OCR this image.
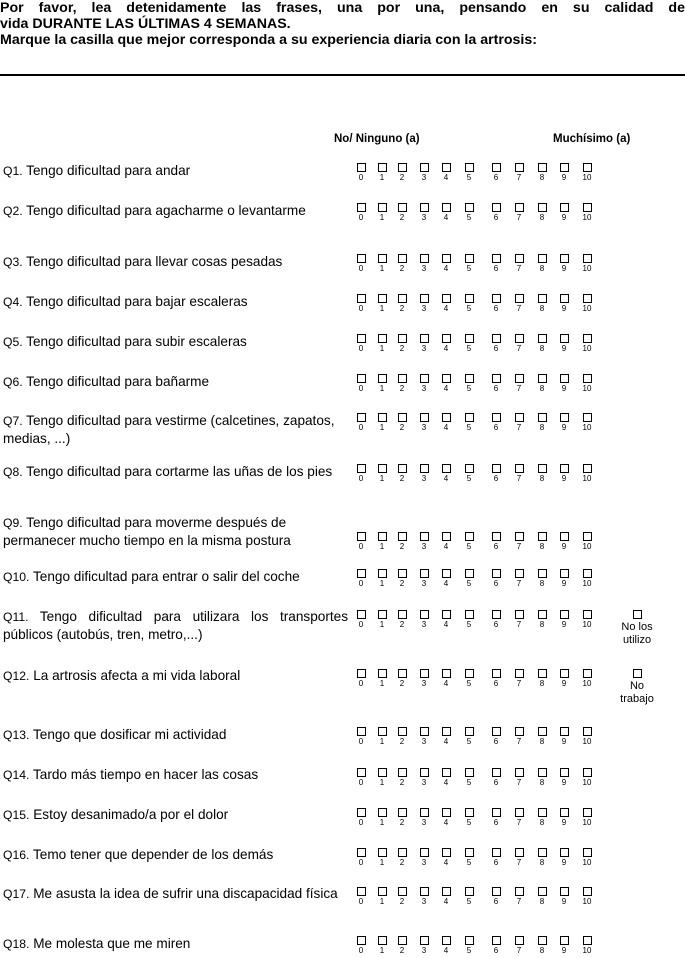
Por favor, lea detenidamente las frases, una por una, pensando en su calidad de
vida DURANTE LAS ÚLTIMAS 4 SEMANAS.
Marque la casilla que mejor corresponda a su experiencia diaria con la artrosis:
No/ Ninguno (a)	Muchísimo (a)
Q1. Tengo dificultad para andar	0	1	2	3	4	5	6	7	8	9	10
Q2. Tengo dificultad para agacharme o levantarme	0	1	2	3	4	5	6	7	8	9	10
Q3. Tengo dificultad para llevar cosas pesadas	0	1	2	3	4	5	6	7	8	9	10
Q4. Tengo dificultad para bajar escaleras	0	1	2	3	4	5	6	7	8	9	10
Q5. Tengo dificultad para subir escaleras	0	1	2	3	4	5	6	7	8	9	10
Q6. Tengo dificultad para bañarme	0	1	2	3	4	5	6	7	8	9	10
Q7. Tengo dificultad para vestirme (calcetines, zapatos, medias, ...)
0	1	2	3	4	5	6	7	8	9	10
Q8. Tengo dificultad para cortarme las uñas de los pies	0	1	2	3	4	5	6	7	8	9	10
Q9. Tengo dificultad para moverme después de permanecer mucho tiempo en la misma postura	0	1	2	3	4	5	6	7	8	9	10
Q10. Tengo dificultad para entrar o salir del coche	0	1	2	3	4	5	6	7	8	9	10
Q11. Tengo dificultad para utilizara los transportes públicos (autobús, tren, metro,...)
0	1	2	3	4	5	6	7	8	9	10	No los utilizo
Q12. La artrosis afecta a mi vida laboral
0	1	2	3	4	5	6	7	8	9	10	No trabajo
Q13. Tengo que dosificar mi actividad	0	1	2	3	4	5	6	7	8	9	10
Q14. Tardo más tiempo en hacer las cosas
0	1	2	3	4	5	6	7	8	9	10
Q15. Estoy desanimado/a por el dolor
0	1	2	3	4	5	6	7	8	9	10
Q16. Temo tener que depender de los demás
0	1	2	3	4	5	6	7	8	9	10
Q17. Me asusta la idea de sufrir una discapacidad física
0	1	2	3	4	5	6	7	8	9	10
Q18. Me molesta que me miren	0	1	2	3	4	5	6	7	8	9	10
